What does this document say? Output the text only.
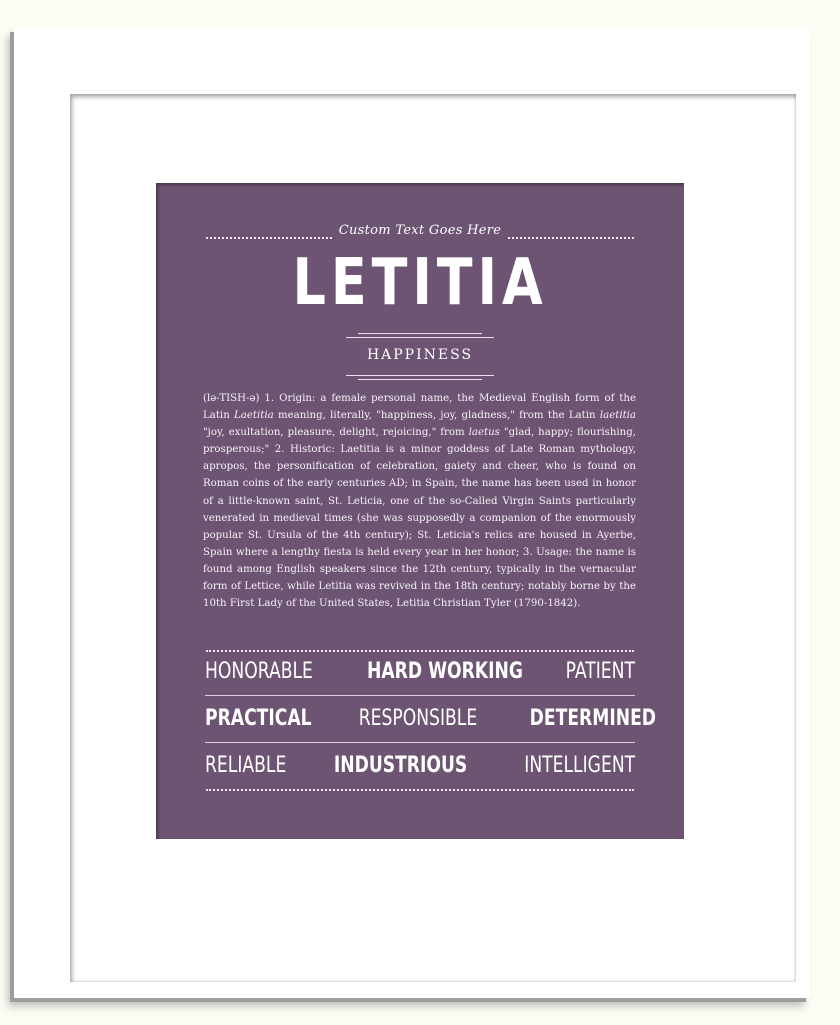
Custom Text Goes Here
LETITIA
HAPPINESS
(lə-TISH-ə) 1. Origin: a female personal name, the Medieval English form of the Latin Laetitia meaning, literally, "happiness, joy, gladness," from the Latin laetitia "joy, exultation, pleasure, delight, rejoicing," from laetus "glad, happy; flourishing, prosperous;" 2. Historic: Laetitia is a minor goddess of Late Roman mythology, apropos, the personification of celebration, gaiety and cheer, who is found on Roman coins of the early centuries AD; in Spain, the name has been used in honor of a little-known saint, St. Leticia, one of the so-Called Virgin Saints particularly venerated in medieval times (she was supposedly a companion of the enormously popular St. Ursula of the 4th century); St. Leticia's relics are housed in Ayerbe, Spain where a lengthy fiesta is held every year in her honor; 3. Usage: the name is found among English speakers since the 12th century, typically in the vernacular form of Lettice, while Letitia was revived in the 18th century; notably borne by the 10th First Lady of the United States, Letitia Christian Tyler (1790-1842).
HONORABLE HARD WORKING PATIENT
PRACTICAL RESPONSIBLE DETERMINED
RELIABLE INDUSTRIOUS	INTELLIGENT
